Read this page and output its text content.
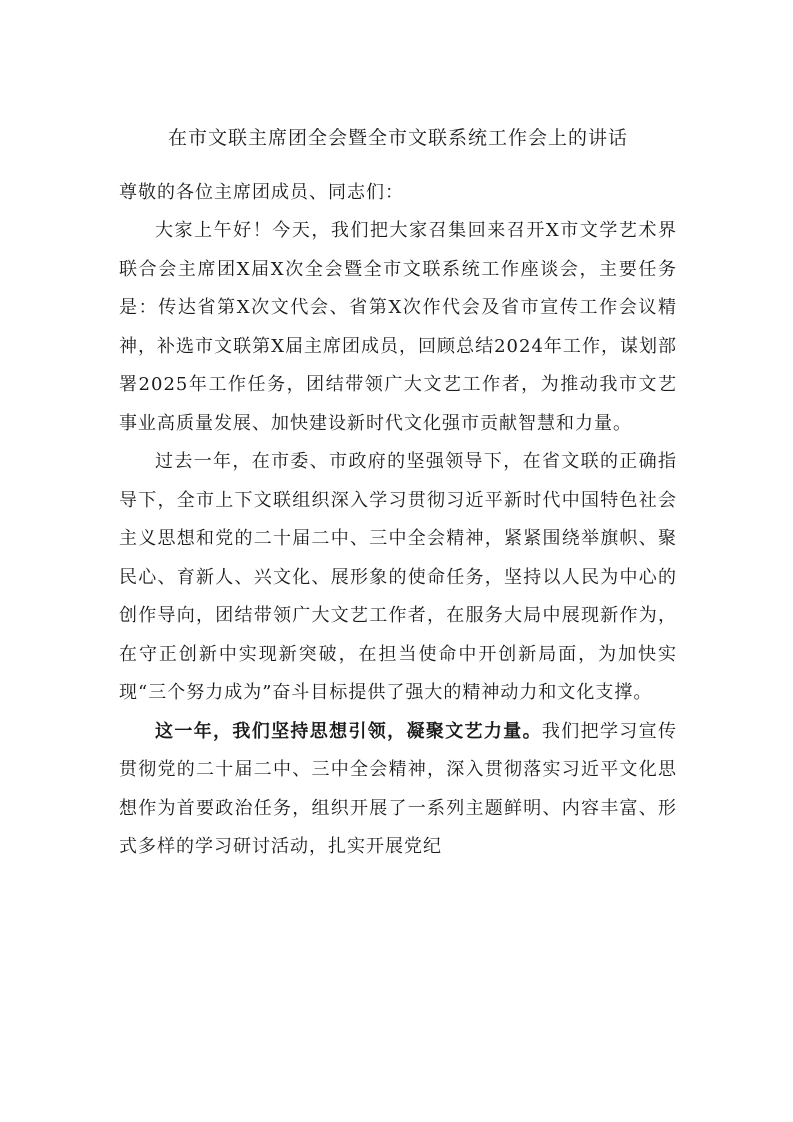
在市文联主席团全会暨全市文联系统工作会上的讲话

尊敬的各位主席团成员、同志们：

大家上午好！今天，我们把大家召集回来召开X市文学艺术界联合会主席团X届X次全会暨全市文联系统工作座谈会，主要任务是：传达省第X次文代会、省第X次作代会及省市宣传工作会议精神，补选市文联第X届主席团成员，回顾总结2024年工作，谋划部署2025年工作任务，团结带领广大文艺工作者，为推动我市文艺事业高质量发展、加快建设新时代文化强市贡献智慧和力量。

过去一年，在市委、市政府的坚强领导下，在省文联的正确指导下，全市上下文联组织深入学习贯彻习近平新时代中国特色社会主义思想和党的二十届二中、三中全会精神，紧紧围绕举旗帜、聚民心、育新人、兴文化、展形象的使命任务，坚持以人民为中心的创作导向，团结带领广大文艺工作者，在服务大局中展现新作为，在守正创新中实现新突破，在担当使命中开创新局面，为加快实现“三个努力成为”奋斗目标提供了强大的精神动力和文化支撑。

这一年，我们坚持思想引领，凝聚文艺力量。我们把学习宣传贯彻党的二十届二中、三中全会精神，深入贯彻落实习近平文化思想作为首要政治任务，组织开展了一系列主题鲜明、内容丰富、形式多样的学习研讨活动，扎实开展党纪
